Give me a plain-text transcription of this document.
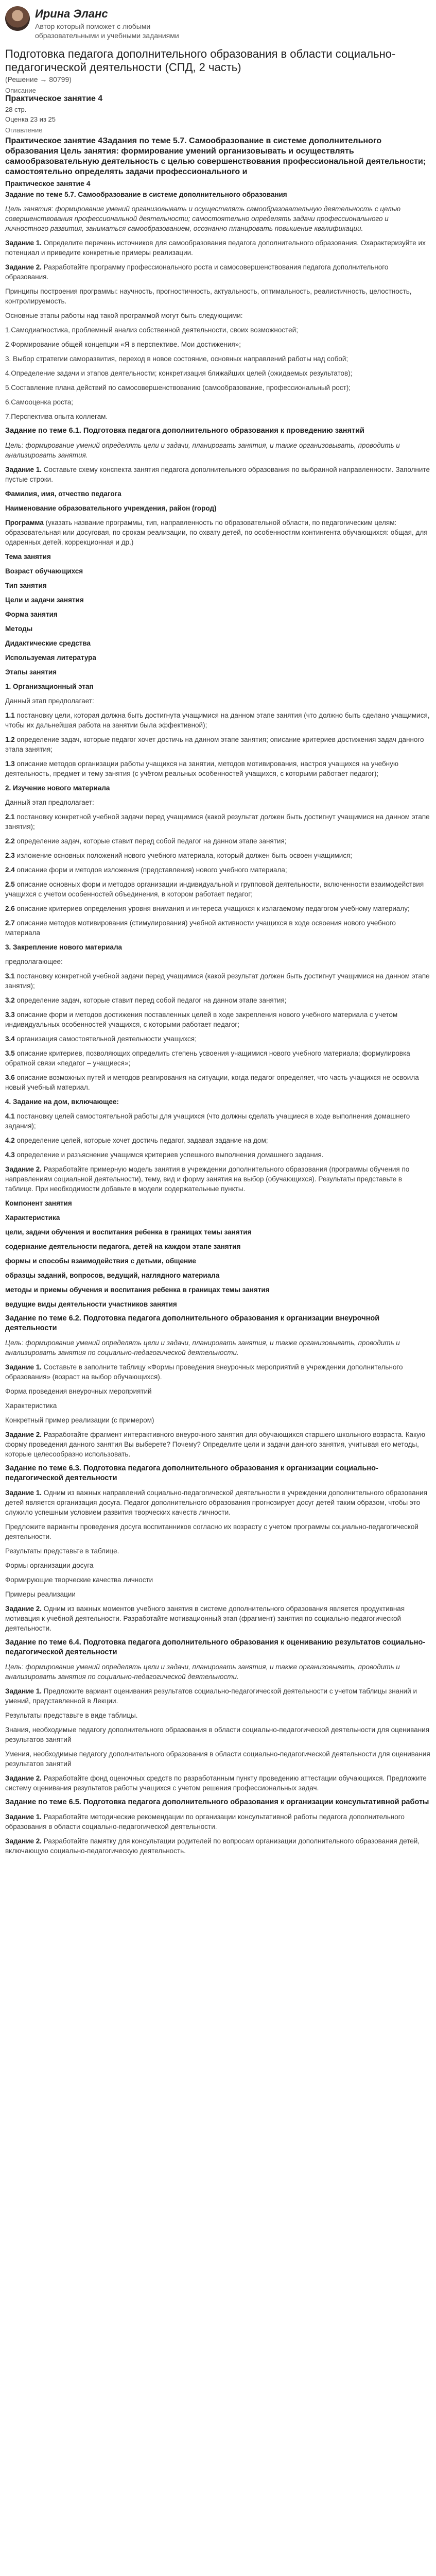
Ирина Эланс
Автор который поможет с любыми образовательными и учебными заданиями
Подготовка педагога дополнительного образования в области социально-педагогической деятельности (СПД, 2 часть)
(Решение → 80799)
Описание
Практическое занятие 4
28 стр.
Оценка 23 из 25
Оглавление
Практическое занятие 4Задания по теме 5.7. Самообразование в системе дополнительного образования Цель занятия: формирование умений организовывать и осуществлять самообразовательную деятельность с целью совершенствования профессиональной деятельности; самостоятельно определять задачи профессионального и
Практическое занятие 4

Задание по теме 5.7. Самообразование в системе дополнительного образования

Цель занятия: формирование умений организовывать и осуществлять самообразовательную деятельность с целью совершенствования профессиональной деятельности; самостоятельно определять задачи профессионального и личностного развития, заниматься самообразованием, осознанно планировать повышение квалификации.

Задание 1. Определите перечень источников для самообразования педагога дополнительного образования. Охарактеризуйте их потенциал и приведите конкретные примеры реализации.

Задание 2. Разработайте программу профессионального роста и самосовершенствования педагога дополнительного образования.

Принципы построения программы: научность, прогностичность, актуальность, оптимальность, реалистичность, целостность, контролируемость.

Основные этапы работы над такой программой могут быть следующими:

1.Самодиагностика, проблемный анализ собственной деятельности, своих возможностей;

2.Формирование общей концепции «Я в перспективе. Мои достижения»;

3. Выбор стратегии саморазвития, переход в новое состояние, основных направлений работы над собой;

4.Определение задачи и этапов деятельности; конкретизация ближайших целей (ожидаемых результатов);

5.Составление плана действий по самосовершенствованию (самообразование, профессиональный рост);

6.Самооценка роста;

7.Перспектива опыта коллегам.

Задание по теме 6.1. Подготовка педагога дополнительного образования к проведению занятий

Цель: формирование умений определять цели и задачи, планировать занятия, и также организовывать, проводить и анализировать занятия.

Задание 1. Составьте схему конспекта занятия педагога дополнительного образования по выбранной направленности. Заполните пустые строки.

Фамилия, имя, отчество педагога

Наименование образовательного учреждения, район (город)

Программа (указать название программы, тип, направленность по образовательной области, по педагогическим целям: образовательная или досуговая, по срокам реализации, по охвату детей, по особенностям контингента обучающихся: общая, для одаренных детей, коррекционная и др.)

Тема занятия

Возраст обучающихся

Тип занятия

Цели и задачи занятия

Форма занятия

Методы

Дидактические средства

Используемая литература

Этапы занятия

1. Организационный этап

Данный этап предполагает:

1.1 постановку цели, которая должна быть достигнута учащимися на данном этапе занятия (что должно быть сделано учащимися, чтобы их дальнейшая работа на занятии была эффективной);

1.2 определение задач, которые педагог хочет достичь на данном этапе занятия; описание критериев достижения задач данного этапа занятия;

1.3 описание методов организации работы учащихся на занятии, методов мотивирования, настроя учащихся на учебную деятельность, предмет и тему занятия (с учётом реальных особенностей учащихся, с которыми работает педагог);

2. Изучение нового материала

Данный этап предполагает:

2.1 постановку конкретной учебной задачи перед учащимися (какой результат должен быть достигнут учащимися на данном этапе занятия);

2.2 определение задач, которые ставит перед собой педагог на данном этапе занятия;

2.3 изложение основных положений нового учебного материала, который должен быть освоен учащимися;

2.4 описание форм и методов изложения (представления) нового учебного материала;

2.5 описание основных форм и методов организации индивидуальной и групповой деятельности, включенности взаимодействия учащихся с учетом особенностей объединения, в котором работает педагог;

2.6 описание критериев определения уровня внимания и интереса учащихся к излагаемому педагогом учебному материалу;

2.7 описание методов мотивирования (стимулирования) учебной активности учащихся в ходе освоения нового учебного материала

3. Закрепление нового материала

предполагающее:

3.1 постановку конкретной учебной задачи перед учащимися (какой результат должен быть достигнут учащимися на данном этапе занятия);

3.2 определение задач, которые ставит перед собой педагог на данном этапе занятия;

3.3 описание форм и методов достижения поставленных целей в ходе закрепления нового учебного материала с учетом индивидуальных особенностей учащихся, с которыми работает педагог;

3.4 организация самостоятельной деятельности учащихся;

3.5 описание критериев, позволяющих определить степень усвоения учащимися нового учебного материала; формулировка обратной связи «педагог – учащиеся»;

3.6 описание возможных путей и методов реагирования на ситуации, когда педагог определяет, что часть учащихся не освоила новый учебный материал.

4. Задание на дом, включающее:

4.1 постановку целей самостоятельной работы для учащихся (что должны сделать учащиеся в ходе выполнения домашнего задания);

4.2 определение целей, которые хочет достичь педагог, задавая задание на дом;

4.3 определение и разъяснение учащимся критериев успешного выполнения домашнего задания.

Задание 2. Разработайте примерную модель занятия в учреждении дополнительного образования (программы обучения по направлениям социальной деятельности), тему, вид и форму занятия на выбор (обучающихся). Результаты представьте в таблице. При необходимости добавьте в модели содержательные пункты.

Компонент занятия

Характеристика

цели, задачи обучения и воспитания ребенка в границах темы занятия

содержание деятельности педагога, детей на каждом этапе занятия

формы и способы взаимодействия с детьми, общение

образцы заданий, вопросов, ведущий, наглядного материала

методы и приемы обучения и воспитания ребенка в границах темы занятия

ведущие виды деятельности участников занятия

Задание по теме 6.2. Подготовка педагога дополнительного образования к организации внеурочной деятельности

Цель: формирование умений определять цели и задачи, планировать занятия, и также организовывать, проводить и анализировать занятия по социально-педагогической деятельности.

Задание 1. Составьте в заполните таблицу «Формы проведения внеурочных мероприятий в учреждении дополнительного образования» (возраст на выбор обучающихся).

Форма проведения внеурочных мероприятий

Характеристика

Конкретный пример реализации (с примером)

Задание 2. Разработайте фрагмент интерактивного внеурочного занятия для обучающихся старшего школьного возраста. Какую форму проведения данного занятия Вы выберете? Почему? Определите цели и задачи данного занятия, учитывая его методы, которые целесообразно использовать.

Задание по теме 6.3. Подготовка педагога дополнительного образования к организации социально-педагогической деятельности

Задание 1. Одним из важных направлений социально-педагогической деятельности в учреждении дополнительного образования детей является организация досуга. Педагог дополнительного образования прогнозирует досуг детей таким образом, чтобы это служило успешным условием развития творческих качеств личности.

Предложите варианты проведения досуга воспитанников согласно их возрасту с учетом программы социально-педагогической деятельности.

Результаты представьте в таблице.

Формы организации досуга

Формирующие творческие качества личности

Примеры реализации

Задание 2. Одним из важных моментов учебного занятия в системе дополнительного образования является продуктивная мотивация к учебной деятельности. Разработайте мотивационный этап (фрагмент) занятия по социально-педагогической деятельности.

Задание по теме 6.4. Подготовка педагога дополнительного образования к оцениванию результатов социально-педагогической деятельности

Цель: формирование умений определять цели и задачи, планировать занятия, и также организовывать, проводить и анализировать занятия по социально-педагогической деятельности.

Задание 1. Предложите вариант оценивания результатов социально-педагогической деятельности с учетом таблицы знаний и умений, представленной в Лекции.

Результаты представьте в виде таблицы.

Знания, необходимые педагогу дополнительного образования в области социально-педагогической деятельности для оценивания результатов занятий

Умения, необходимые педагогу дополнительного образования в области социально-педагогической деятельности для оценивания результатов занятий

Задание 2. Разработайте фонд оценочных средств по разработанным пункту проведению аттестации обучающихся. Предложите систему оценивания результатов работы учащихся с учетом решения профессиональных задач.

Задание по теме 6.5. Подготовка педагога дополнительного образования к организации консультативной работы

Задание 1. Разработайте методические рекомендации по организации консультативной работы педагога дополнительного образования в области социально-педагогической деятельности.

Задание 2. Разработайте памятку для консультации родителей по вопросам организации дополнительного образования детей, включающую социально-педагогическую деятельность.
